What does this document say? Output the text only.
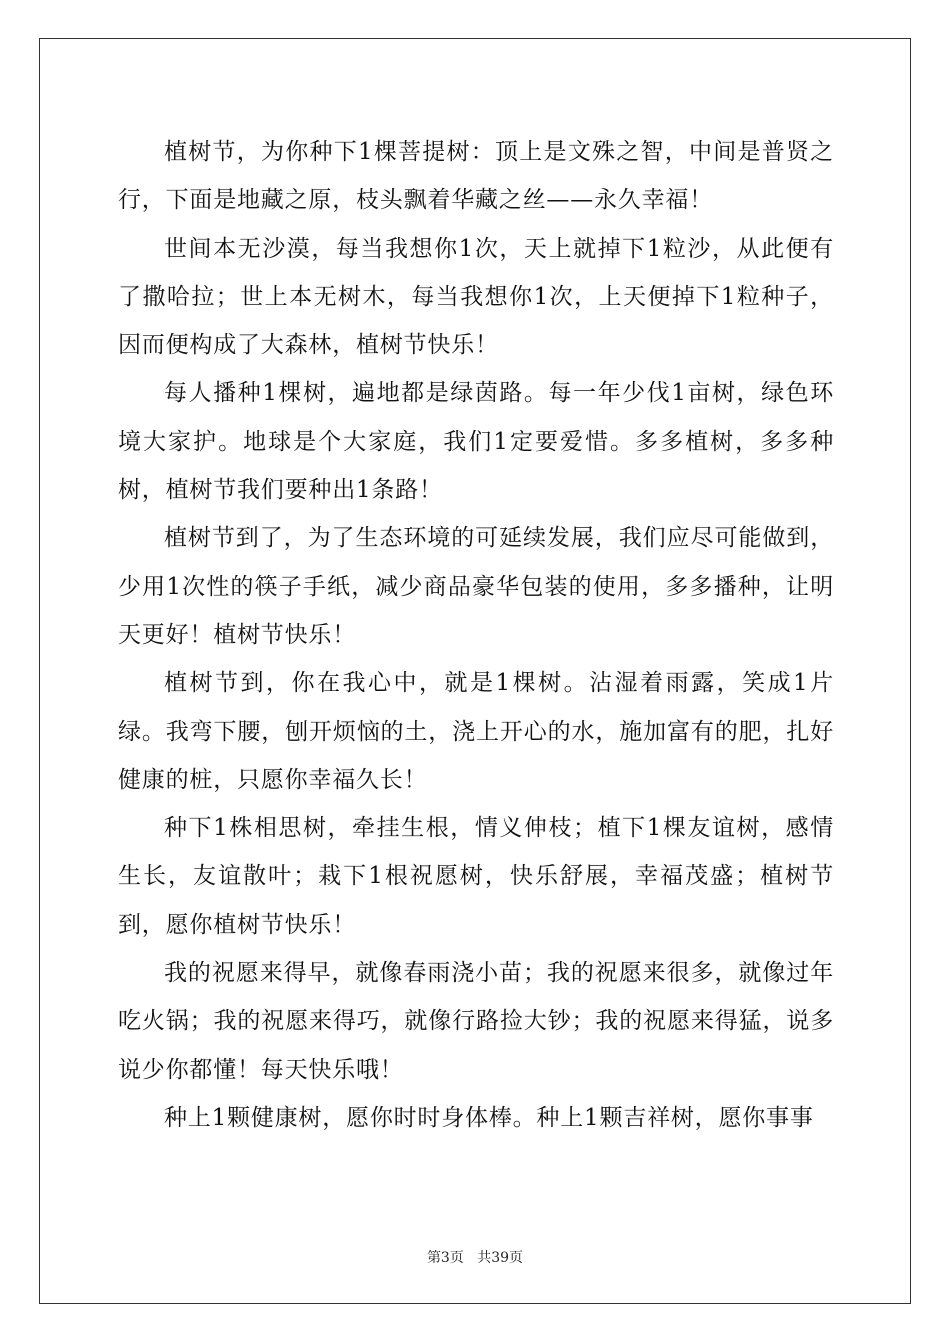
植树节，为你种下1棵菩提树：顶上是文殊之智，中间是普贤之行，下面是地藏之原，枝头飘着华藏之丝——永久幸福！

世间本无沙漠，每当我想你1次，天上就掉下1粒沙，从此便有了撒哈拉；世上本无树木，每当我想你1次，上天便掉下1粒种子，因而便构成了大森林，植树节快乐！

每人播种1棵树，遍地都是绿茵路。每一年少伐1亩树，绿色环境大家护。地球是个大家庭，我们1定要爱惜。多多植树，多多种树，植树节我们要种出1条路！

植树节到了，为了生态环境的可延续发展，我们应尽可能做到，少用1次性的筷子手纸，减少商品豪华包装的使用，多多播种，让明天更好！植树节快乐！

植树节到，你在我心中，就是1棵树。沾湿着雨露，笑成1片绿。我弯下腰，刨开烦恼的土，浇上开心的水，施加富有的肥，扎好健康的桩，只愿你幸福久长！

种下1株相思树，牵挂生根，情义伸枝；植下1棵友谊树，感情生长，友谊散叶；栽下1根祝愿树，快乐舒展，幸福茂盛；植树节到，愿你植树节快乐！

我的祝愿来得早，就像春雨浇小苗；我的祝愿来很多，就像过年吃火锅；我的祝愿来得巧，就像行路捡大钞；我的祝愿来得猛，说多说少你都懂！每天快乐哦！

种上1颗健康树，愿你时时身体棒。种上1颗吉祥树，愿你事事

第3页 共39页
